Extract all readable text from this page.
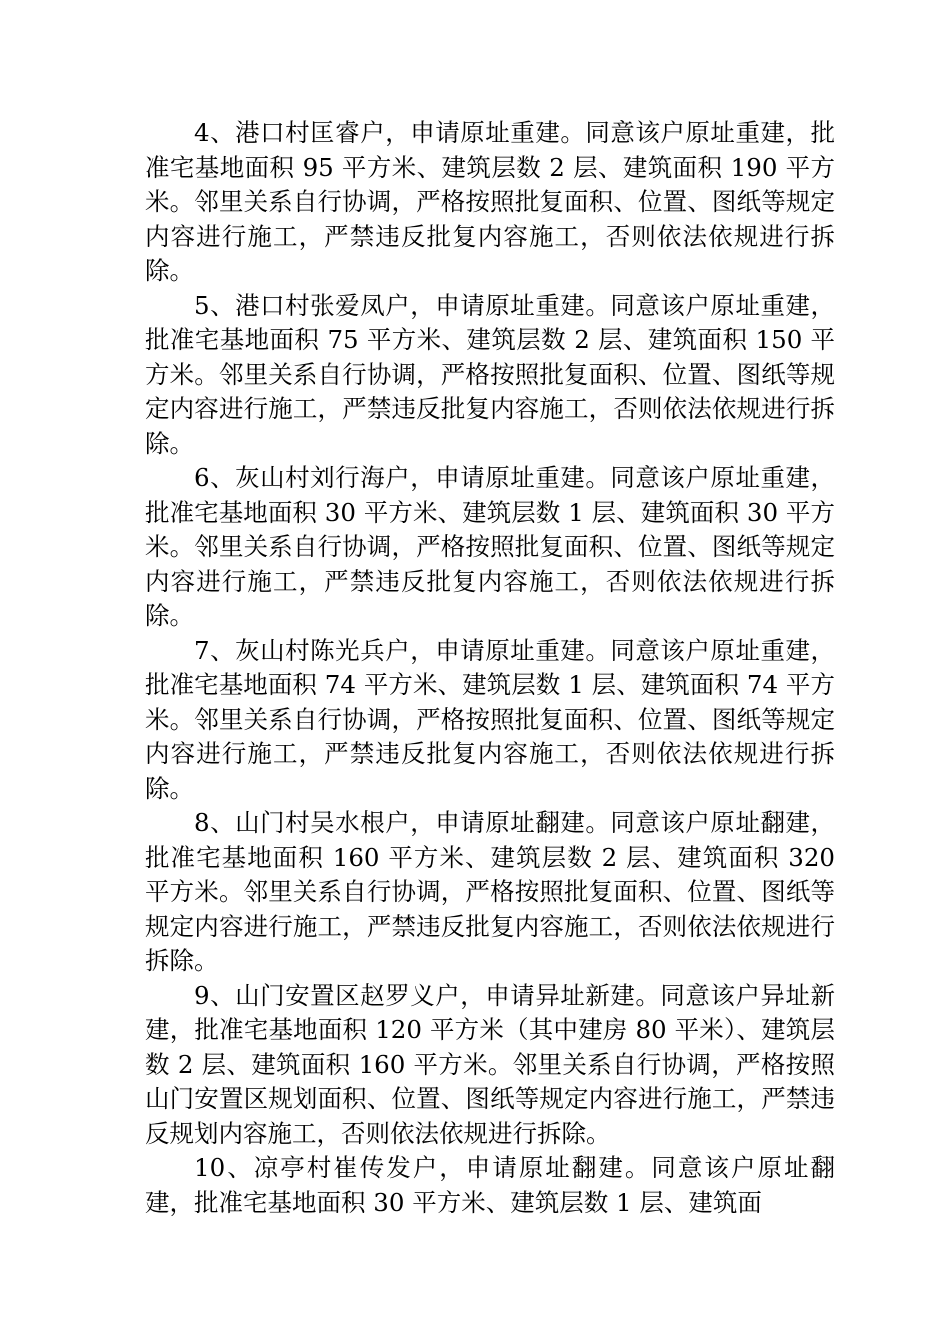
4、港口村匡睿户，申请原址重建。同意该户原址重建，批准宅基地面积 95 平方米、建筑层数 2 层、建筑面积 190 平方米。邻里关系自行协调，严格按照批复面积、位置、图纸等规定内容进行施工，严禁违反批复内容施工，否则依法依规进行拆除。

5、港口村张爱凤户，申请原址重建。同意该户原址重建，批准宅基地面积 75 平方米、建筑层数 2 层、建筑面积 150 平方米。邻里关系自行协调，严格按照批复面积、位置、图纸等规定内容进行施工，严禁违反批复内容施工，否则依法依规进行拆除。

6、灰山村刘行海户，申请原址重建。同意该户原址重建，批准宅基地面积 30 平方米、建筑层数 1 层、建筑面积 30 平方米。邻里关系自行协调，严格按照批复面积、位置、图纸等规定内容进行施工，严禁违反批复内容施工，否则依法依规进行拆除。

7、灰山村陈光兵户，申请原址重建。同意该户原址重建，批准宅基地面积 74 平方米、建筑层数 1 层、建筑面积 74 平方米。邻里关系自行协调，严格按照批复面积、位置、图纸等规定内容进行施工，严禁违反批复内容施工，否则依法依规进行拆除。

8、山门村吴水根户，申请原址翻建。同意该户原址翻建，批准宅基地面积 160 平方米、建筑层数 2 层、建筑面积 320 平方米。邻里关系自行协调，严格按照批复面积、位置、图纸等规定内容进行施工，严禁违反批复内容施工，否则依法依规进行拆除。

9、山门安置区赵罗义户，申请异址新建。同意该户异址新建，批准宅基地面积 120 平方米（其中建房 80 平米）、建筑层数 2 层、建筑面积 160 平方米。邻里关系自行协调，严格按照山门安置区规划面积、位置、图纸等规定内容进行施工，严禁违反规划内容施工，否则依法依规进行拆除。

10、凉亭村崔传发户，申请原址翻建。同意该户原址翻建，批准宅基地面积 30 平方米、建筑层数 1 层、建筑面
